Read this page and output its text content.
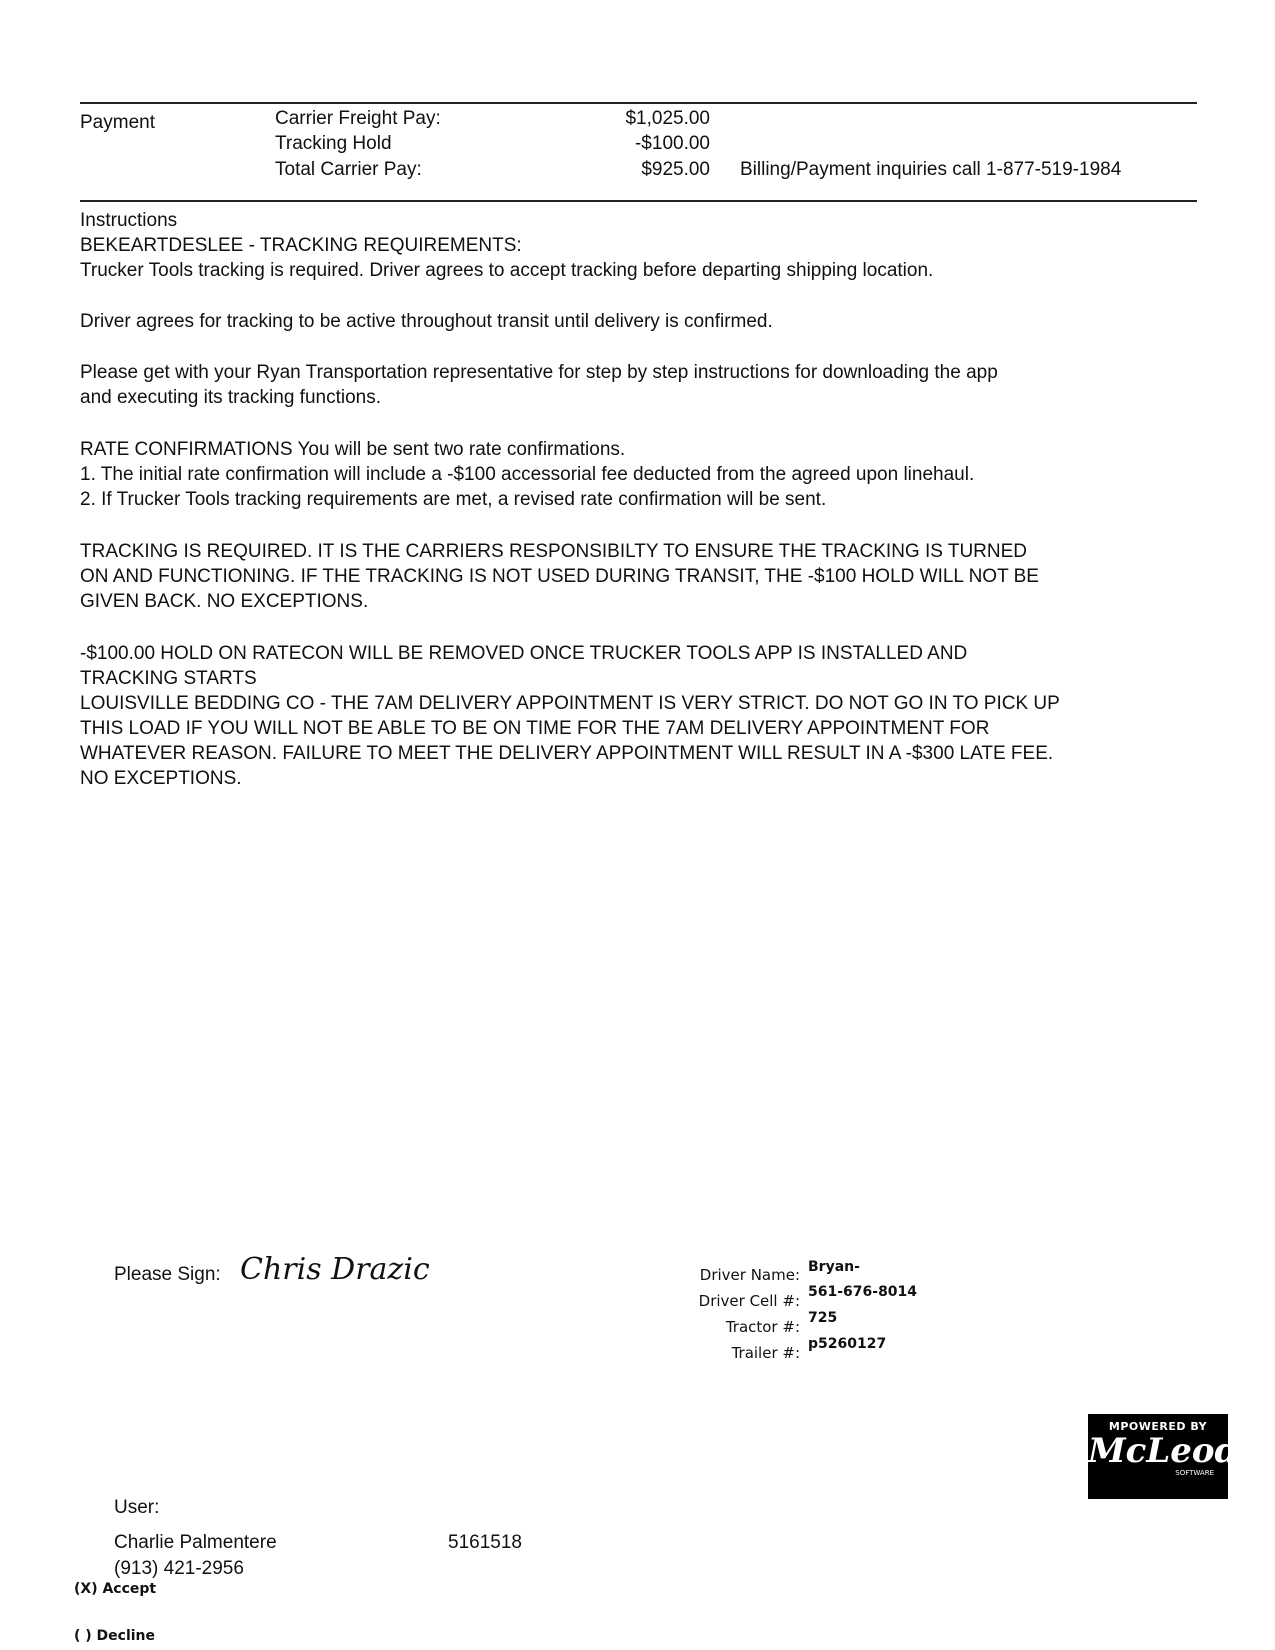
Payment	Carrier Freight Pay:	$1,025.00
Tracking Hold	-$100.00
Total Carrier Pay:	$925.00 Billing/Payment inquiries call 1-877-519-1984
Instructions
BEKEARTDESLEE - TRACKING REQUIREMENTS:
Trucker Tools tracking is required. Driver agrees to accept tracking before departing shipping location.
Driver agrees for tracking to be active throughout transit until delivery is confirmed.
Please get with your Ryan Transportation representative for step by step instructions for downloading the app
and executing its tracking functions.
RATE CONFIRMATIONS You will be sent two rate confirmations.
1. The initial rate confirmation will include a -$100 accessorial fee deducted from the agreed upon linehaul.
2. If Trucker Tools tracking requirements are met, a revised rate confirmation will be sent.
TRACKING IS REQUIRED. IT IS THE CARRIERS RESPONSIBILTY TO ENSURE THE TRACKING IS TURNED
ON AND FUNCTIONING. IF THE TRACKING IS NOT USED DURING TRANSIT, THE -$100 HOLD WILL NOT BE
GIVEN BACK. NO EXCEPTIONS.
-$100.00 HOLD ON RATECON WILL BE REMOVED ONCE TRUCKER TOOLS APP IS INSTALLED AND
TRACKING STARTS
LOUISVILLE BEDDING CO - THE 7AM DELIVERY APPOINTMENT IS VERY STRICT. DO NOT GO IN TO PICK UP
THIS LOAD IF YOU WILL NOT BE ABLE TO BE ON TIME FOR THE 7AM DELIVERY APPOINTMENT FOR
WHATEVER REASON. FAILURE TO MEET THE DELIVERY APPOINTMENT WILL RESULT IN A -$300 LATE FEE.
NO EXCEPTIONS.
Please Sign: Chris Drazic	Driver Name: Bryan-
Driver Cell #: 561-676-8014
Tractor #: 725
Trailer #: p5260127
MPOWERED BY
McLeod
SOFTWARE
User:
Charlie Palmentere	5161518
(913) 421-2956
(X) Accept
( ) Decline
